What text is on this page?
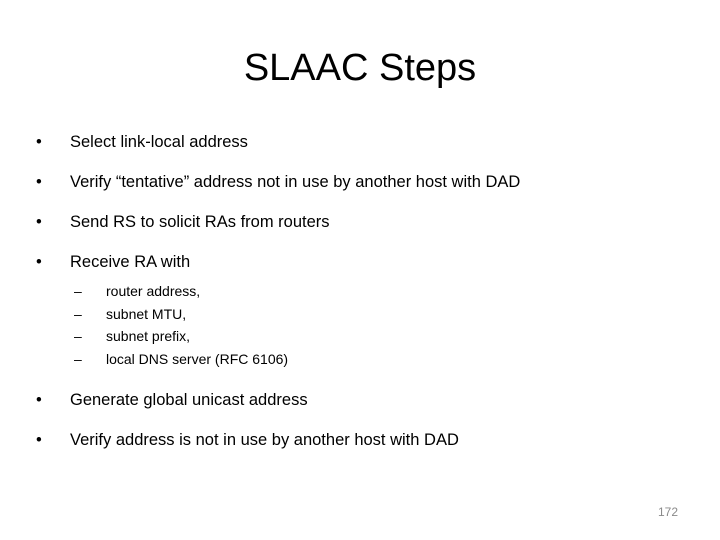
SLAAC Steps
• Select link-local address
• Verify “tentative” address not in use by another host with DAD
• Send RS to solicit RAs from routers
• Receive RA with
– router address,
– subnet MTU,
– subnet prefix,
– local DNS server (RFC 6106)
• Generate global unicast address
• Verify address is not in use by another host with DAD
172
